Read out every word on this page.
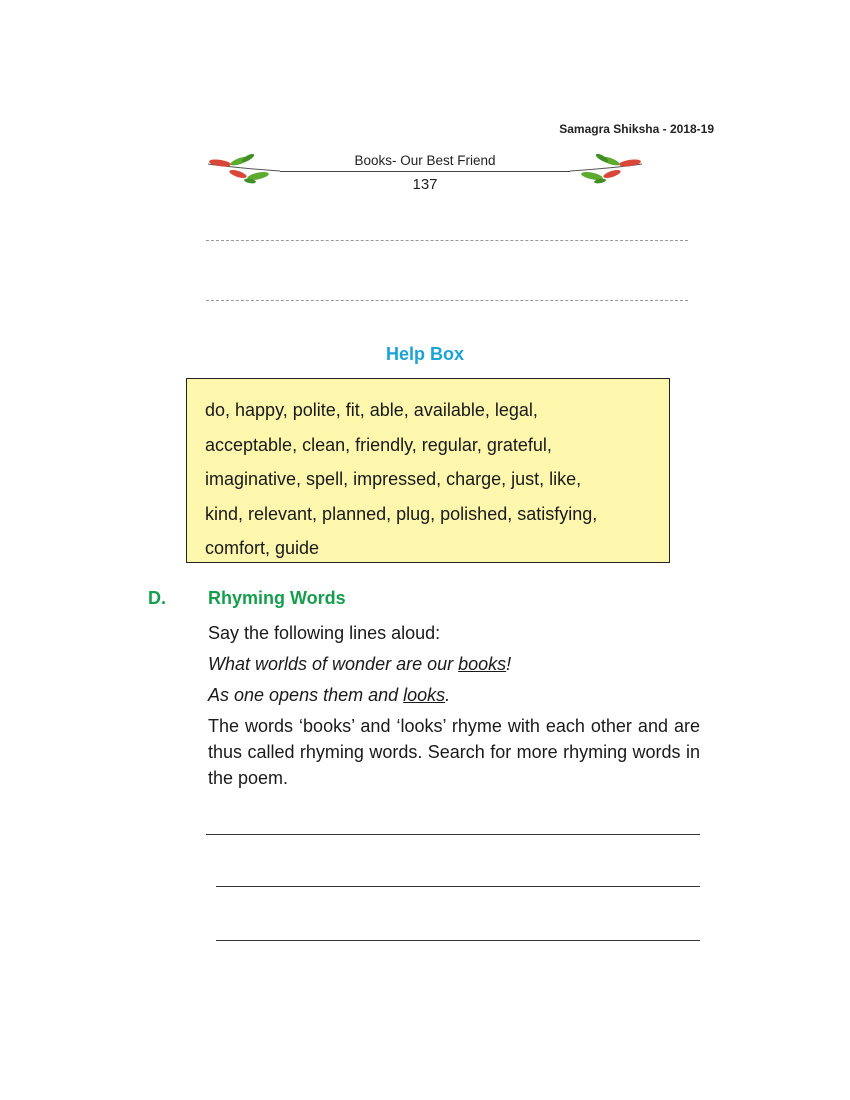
Samagra Shiksha - 2018-19
Books- Our Best Friend
137
Help Box
do, happy, polite, fit, able, available, legal,
acceptable, clean, friendly, regular, grateful,
imaginative, spell, impressed, charge, just, like,
kind, relevant, planned, plug, polished, satisfying,
comfort, guide
D. Rhyming Words

Say the following lines aloud:

What worlds of wonder are our books!

As one opens them and looks.

The words ‘books’ and ‘looks’ rhyme with each other and are thus called rhyming words. Search for more rhyming words in the poem.
